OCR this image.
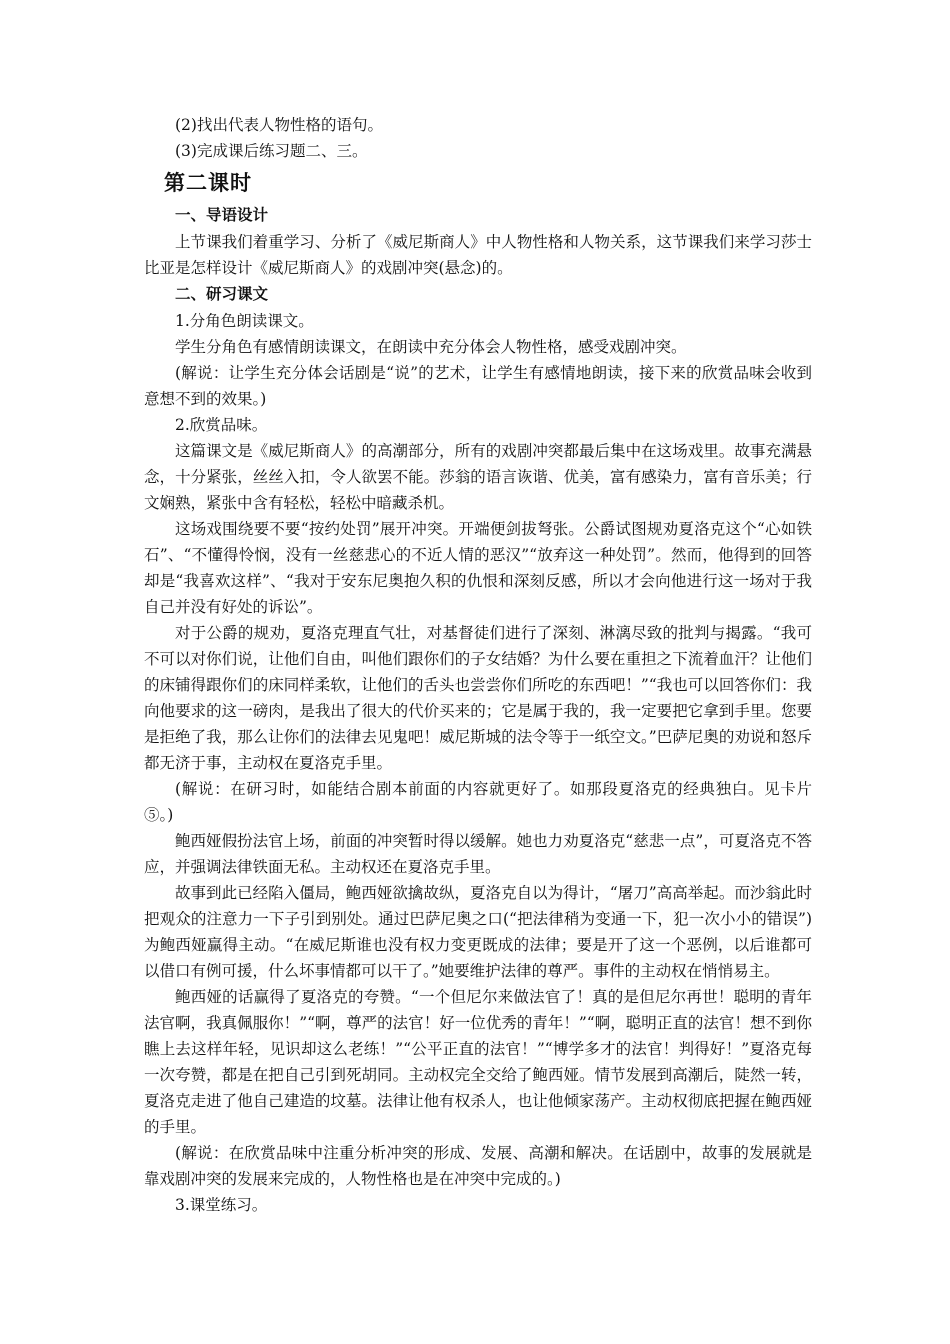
(2)找出代表人物性格的语句。

(3)完成课后练习题二、三。

第二课时
一、导语设计

上节课我们着重学习、分析了《威尼斯商人》中人物性格和人物关系，这节课我们来学习莎士比亚是怎样设计《威尼斯商人》的戏剧冲突(悬念)的。

二、研习课文

1.分角色朗读课文。

学生分角色有感情朗读课文，在朗读中充分体会人物性格，感受戏剧冲突。

(解说：让学生充分体会话剧是“说”的艺术，让学生有感情地朗读，接下来的欣赏品味会收到意想不到的效果。)

2.欣赏品味。

这篇课文是《威尼斯商人》的高潮部分，所有的戏剧冲突都最后集中在这场戏里。故事充满悬念，十分紧张，丝丝入扣，令人欲罢不能。莎翁的语言诙谐、优美，富有感染力，富有音乐美；行文娴熟，紧张中含有轻松，轻松中暗藏杀机。

这场戏围绕要不要“按约处罚”展开冲突。开端便剑拔弩张。公爵试图规劝夏洛克这个“心如铁石”、“不懂得怜悯，没有一丝慈悲心的不近人情的恶汉”“放弃这一种处罚”。然而，他得到的回答却是“我喜欢这样”、“我对于安东尼奥抱久积的仇恨和深刻反感，所以才会向他进行这一场对于我自己并没有好处的诉讼”。

对于公爵的规劝，夏洛克理直气壮，对基督徒们进行了深刻、淋漓尽致的批判与揭露。“我可不可以对你们说，让他们自由，叫他们跟你们的子女结婚？为什么要在重担之下流着血汗？让他们的床铺得跟你们的床同样柔软，让他们的舌头也尝尝你们所吃的东西吧！”“我也可以回答你们：我向他要求的这一磅肉，是我出了很大的代价买来的；它是属于我的，我一定要把它拿到手里。您要是拒绝了我，那么让你们的法律去见鬼吧！威尼斯城的法令等于一纸空文。”巴萨尼奥的劝说和怒斥都无济于事，主动权在夏洛克手里。

(解说：在研习时，如能结合剧本前面的内容就更好了。如那段夏洛克的经典独白。见卡片⑤。)

鲍西娅假扮法官上场，前面的冲突暂时得以缓解。她也力劝夏洛克“慈悲一点”，可夏洛克不答应，并强调法律铁面无私。主动权还在夏洛克手里。

故事到此已经陷入僵局，鲍西娅欲擒故纵，夏洛克自以为得计，“屠刀”高高举起。而沙翁此时把观众的注意力一下子引到别处。通过巴萨尼奥之口(“把法律稍为变通一下，犯一次小小的错误”)为鲍西娅赢得主动。“在威尼斯谁也没有权力变更既成的法律；要是开了这一个恶例，以后谁都可以借口有例可援，什么坏事情都可以干了。”她要维护法律的尊严。事件的主动权在悄悄易主。

鲍西娅的话赢得了夏洛克的夸赞。“一个但尼尔来做法官了！真的是但尼尔再世！聪明的青年法官啊，我真佩服你！”“啊，尊严的法官！好一位优秀的青年！”“啊，聪明正直的法官！想不到你瞧上去这样年轻，见识却这么老练！”“公平正直的法官！”“博学多才的法官！判得好！”夏洛克每一次夸赞，都是在把自己引到死胡同。主动权完全交给了鲍西娅。情节发展到高潮后，陡然一转，夏洛克走进了他自己建造的坟墓。法律让他有权杀人，也让他倾家荡产。主动权彻底把握在鲍西娅的手里。

(解说：在欣赏品味中注重分析冲突的形成、发展、高潮和解决。在话剧中，故事的发展就是靠戏剧冲突的发展来完成的，人物性格也是在冲突中完成的。)

3.课堂练习。
